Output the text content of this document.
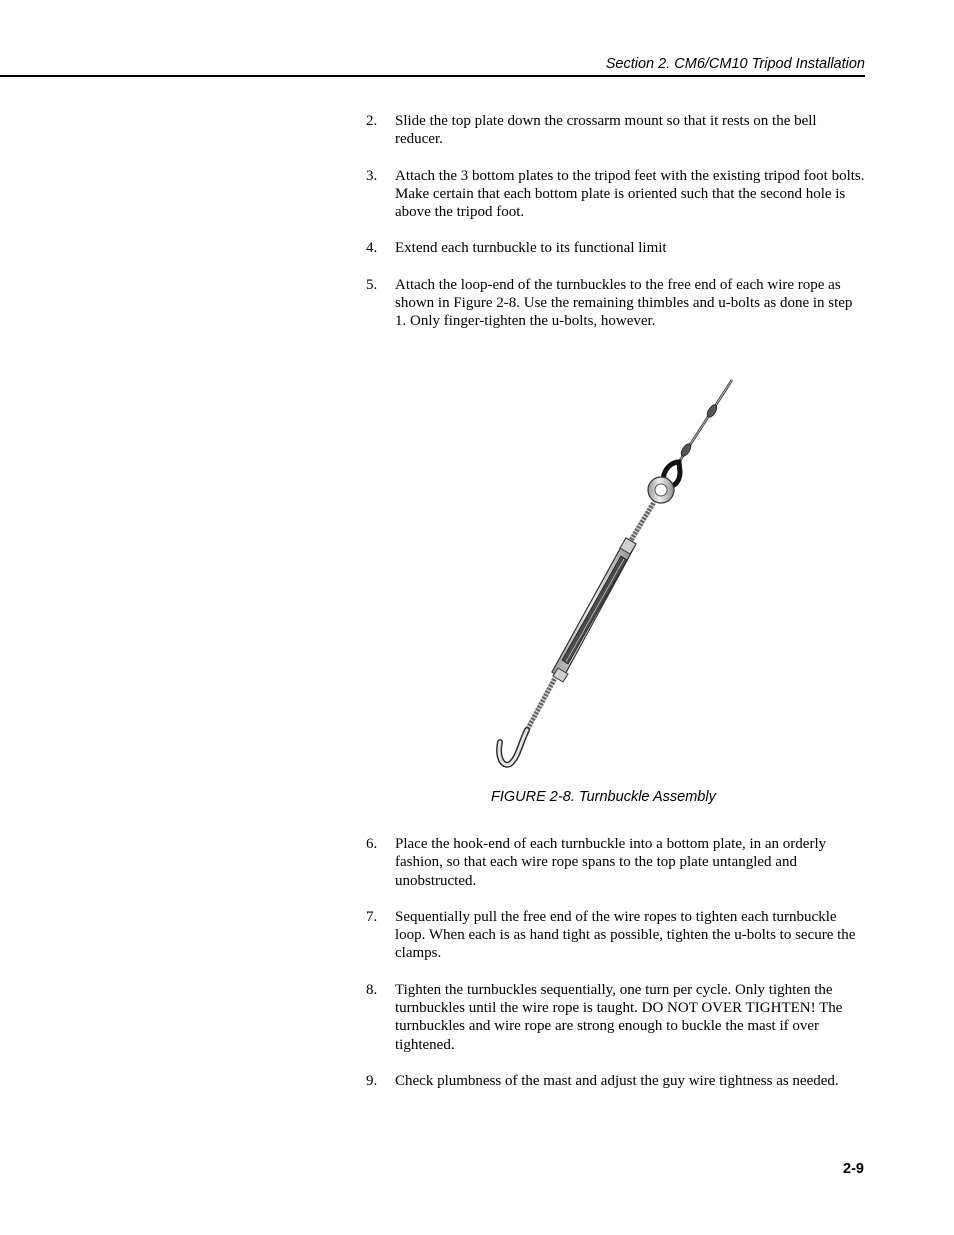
Section 2. CM6/CM10 Tripod Installation
2. Slide the top plate down the crossarm mount so that it rests on the bell reducer.
3. Attach the 3 bottom plates to the tripod feet with the existing tripod foot bolts. Make certain that each bottom plate is oriented such that the second hole is above the tripod foot.
4. Extend each turnbuckle to its functional limit
5. Attach the loop-end of the turnbuckles to the free end of each wire rope as shown in Figure 2-8. Use the remaining thimbles and u-bolts as done in step 1. Only finger-tighten the u-bolts, however.
FIGURE 2-8. Turnbuckle Assembly
6. Place the hook-end of each turnbuckle into a bottom plate, in an orderly fashion, so that each wire rope spans to the top plate untangled and unobstructed.
7. Sequentially pull the free end of the wire ropes to tighten each turnbuckle loop. When each is as hand tight as possible, tighten the u-bolts to secure the clamps.
8. Tighten the turnbuckles sequentially, one turn per cycle. Only tighten the turnbuckles until the wire rope is taught. DO NOT OVER TIGHTEN! The turnbuckles and wire rope are strong enough to buckle the mast if over tightened.
9. Check plumbness of the mast and adjust the guy wire tightness as needed.
2-9
